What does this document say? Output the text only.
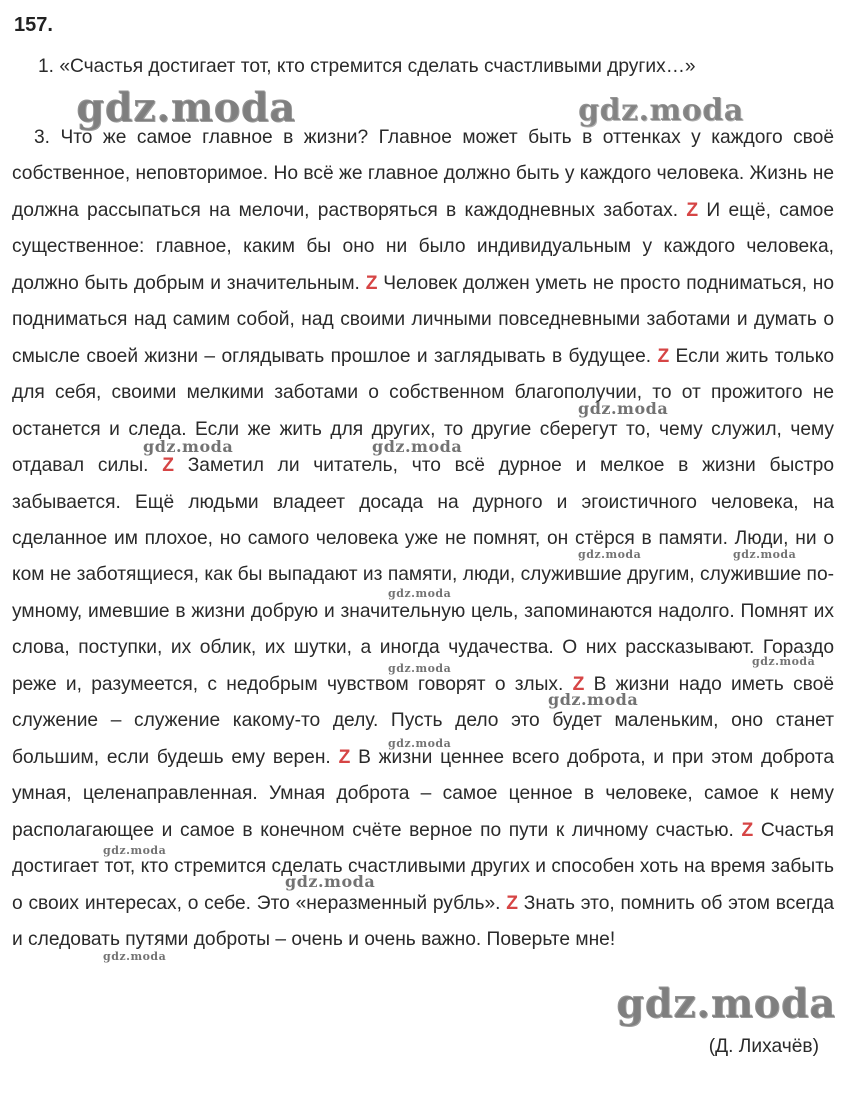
157.
1. «Счастья достигает тот, кто стремится сделать счастливыми других…»
3. Что же самое главное в жизни? Главное может быть в оттенках у каждого своё собственное, неповторимое. Но всё же главное должно быть у каждого человека. Жизнь не должна рассыпаться на мелочи, растворяться в каждодневных заботах. Z И ещё, самое существенное: главное, каким бы оно ни было индивидуальным у каждого человека, должно быть добрым и значительным. Z Человек должен уметь не просто подниматься, но подниматься над самим собой, над своими личными повседневными заботами и думать о смысле своей жизни – оглядывать прошлое и заглядывать в будущее. Z Если жить только для себя, своими мелкими заботами о собственном благополучии, то от прожитого не останется и следа. Если же жить для других, то другие сберегут то, чему служил, чему отдавал силы. Z Заметил ли читатель, что всё дурное и мелкое в жизни быстро забывается. Ещё людьми владеет досада на дурного и эгоистичного человека, на сделанное им плохое, но самого человека уже не помнят, он стёрся в памяти. Люди, ни о ком не заботящиеся, как бы выпадают из памяти, люди, служившие другим, служившие по-умному, имевшие в жизни добрую и значительную цель, запоминаются надолго. Помнят их слова, поступки, их облик, их шутки, а иногда чудачества. О них рассказывают. Гораздо реже и, разумеется, с недобрым чувством говорят о злых. Z В жизни надо иметь своё служение – служение какому-то делу. Пусть дело это будет маленьким, оно станет большим, если будешь ему верен. Z В жизни ценнее всего доброта, и при этом доброта умная, целенаправленная. Умная доброта – самое ценное в человеке, самое к нему располагающее и самое в конечном счёте верное по пути к личному счастью. Z Счастья достигает тот, кто стремится сделать счастливыми других и способен хоть на время забыть о своих интересах, о себе. Это «неразменный рубль». Z Знать это, помнить об этом всегда и следовать путями доброты – очень и очень важно. Поверьте мне!
(Д. Лихачёв)
gdz.moda	gdz.moda
gdz.moda
gdz.moda	gdz.moda
gdz.moda	gdz.moda
gdz.moda
gdz.moda
gdz.moda
gdz.moda
gdz.moda
gdz.moda
gdz.moda
gdz.moda
gdz.moda
